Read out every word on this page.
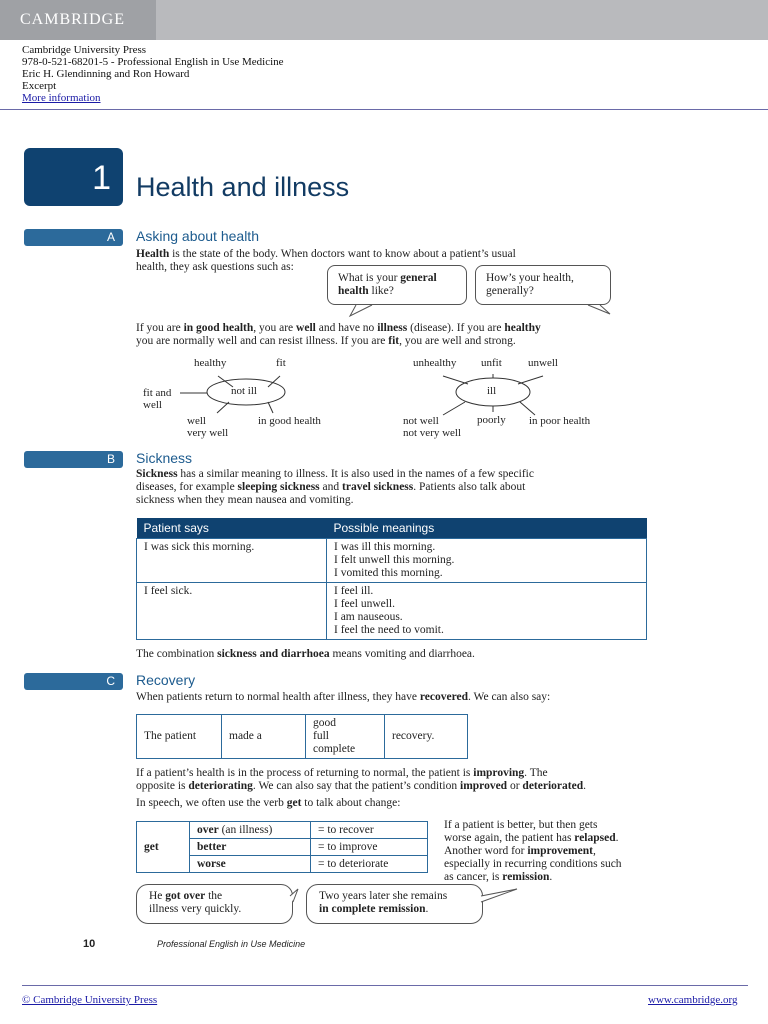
CAMBRIDGE
Cambridge University Press
978-0-521-68201-5 - Professional English in Use Medicine
Eric H. Glendinning and Ron Howard
Excerpt
More information
1 Health and illness
A	Asking about health
Health is the state of the body. When doctors want to know about a patient’s usual
health, they ask questions such as:
What is your general
health like?
How’s your health,
generally?
If you are in good health, you are well and have no illness (disease). If you are healthy
you are normally well and can resist illness. If you are fit, you are well and strong.
healthy	fit
fit and
well
not ill
well
very well
in good health
unhealthy unfit unwell
ill
not well
not very well
poorly in poor health
B	Sickness
Sickness has a similar meaning to illness. It is also used in the names of a few specific
diseases, for example sleeping sickness and travel sickness. Patients also talk about
sickness when they mean nausea and vomiting.
Patient says	Possible meanings
I was sick this morning.	I was ill this morning.
I felt unwell this morning.
I vomited this morning.
I feel sick.	I feel ill.
I feel unwell.
I am nauseous.
I feel the need to vomit.
The combination sickness and diarrhoea means vomiting and diarrhoea.
C	Recovery
When patients return to normal health after illness, they have recovered. We can also say:
The patient	made a	good
full
complete	recovery.
If a patient’s health is in the process of returning to normal, the patient is improving. The
opposite is deteriorating. We can also say that the patient’s condition improved or deteriorated.
In speech, we often use the verb get to talk about change:
get	over (an illness)	= to recover
	better	= to improve
	worse	= to deteriorate
If a patient is better, but then gets
worse again, the patient has relapsed.
Another word for improvement,
especially in recurring conditions such
as cancer, is remission.
He got over the
illness very quickly.
Two years later she remains
in complete remission.
10	Professional English in Use Medicine
© Cambridge University Press	www.cambridge.org
